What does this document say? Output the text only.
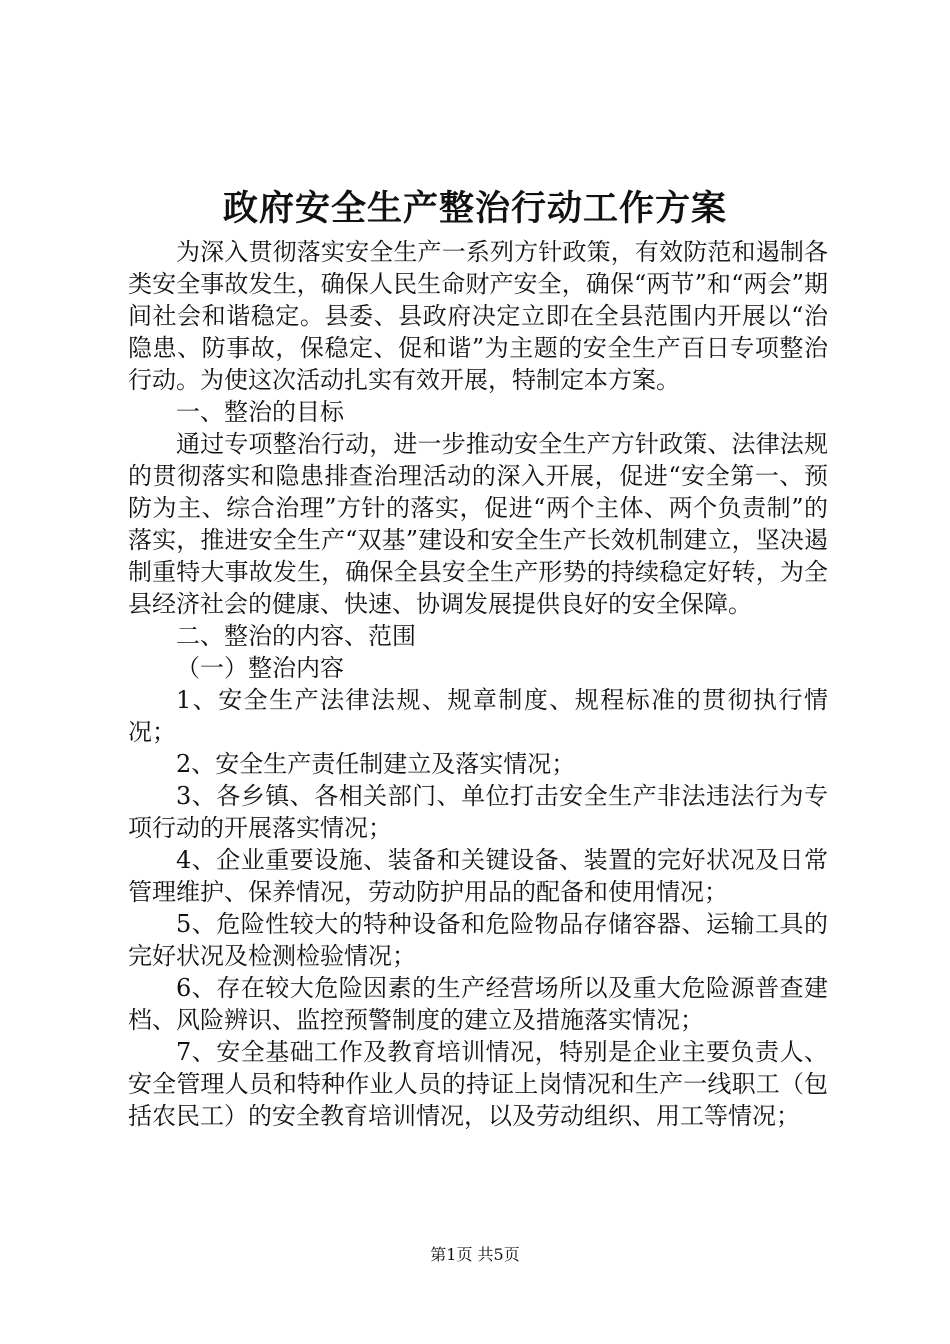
政府安全生产整治行动工作方案

为深入贯彻落实安全生产一系列方针政策，有效防范和遏制各类安全事故发生，确保人民生命财产安全，确保“两节”和“两会”期间社会和谐稳定。县委、县政府决定立即在全县范围内开展以“治隐患、防事故，保稳定、促和谐”为主题的安全生产百日专项整治行动。为使这次活动扎实有效开展，特制定本方案。

一、整治的目标

通过专项整治行动，进一步推动安全生产方针政策、法律法规的贯彻落实和隐患排查治理活动的深入开展，促进“安全第一、预防为主、综合治理”方针的落实，促进“两个主体、两个负责制”的落实，推进安全生产“双基”建设和安全生产长效机制建立，坚决遏制重特大事故发生，确保全县安全生产形势的持续稳定好转，为全县经济社会的健康、快速、协调发展提供良好的安全保障。

二、整治的内容、范围

（一）整治内容

1、安全生产法律法规、规章制度、规程标准的贯彻执行情况；

2、安全生产责任制建立及落实情况；

3、各乡镇、各相关部门、单位打击安全生产非法违法行为专项行动的开展落实情况；

4、企业重要设施、装备和关键设备、装置的完好状况及日常管理维护、保养情况，劳动防护用品的配备和使用情况；

5、危险性较大的特种设备和危险物品存储容器、运输工具的完好状况及检测检验情况；

6、存在较大危险因素的生产经营场所以及重大危险源普查建档、风险辨识、监控预警制度的建立及措施落实情况；

7、安全基础工作及教育培训情况，特别是企业主要负责人、安全管理人员和特种作业人员的持证上岗情况和生产一线职工（包括农民工）的安全教育培训情况，以及劳动组织、用工等情况；

第1页 共5页
